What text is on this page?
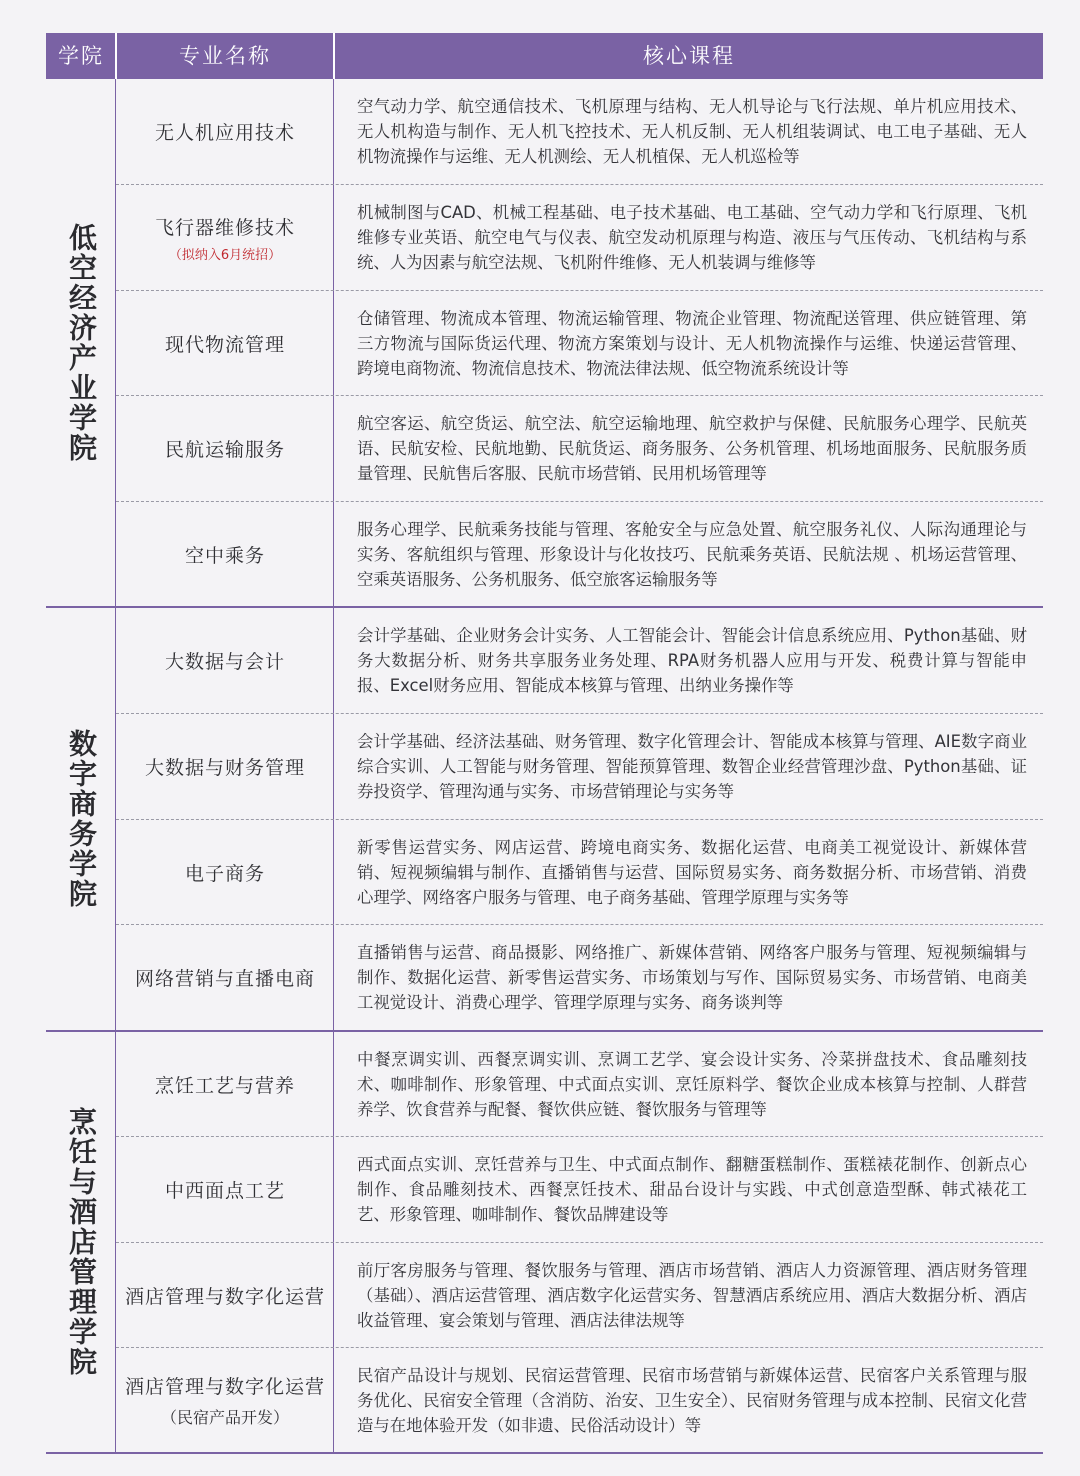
学院	专业名称	核心课程
低空经济产业学院
数字商务学院
烹饪与酒店管理学院
无人机应用技术
空气动力学、航空通信技术、飞机原理与结构、无人机导论与飞行法规、单片机应用技术、无人机构造与制作、无人机飞控技术、无人机反制、无人机组装调试、电工电子基础、无人机物流操作与运维、无人机测绘、无人机植保、无人机巡检等
飞行器维修技术
（拟纳入6月统招）
机械制图与CAD、机械工程基础、电子技术基础、电工基础、空气动力学和飞行原理、飞机维修专业英语、航空电气与仪表、航空发动机原理与构造、液压与气压传动、飞机结构与系统、人为因素与航空法规、飞机附件维修、无人机装调与维修等
现代物流管理
仓储管理、物流成本管理、物流运输管理、物流企业管理、物流配送管理、供应链管理、第三方物流与国际货运代理、物流方案策划与设计、无人机物流操作与运维、快递运营管理、跨境电商物流、物流信息技术、物流法律法规、低空物流系统设计等
民航运输服务
航空客运、航空货运、航空法、航空运输地理、航空救护与保健、民航服务心理学、民航英语、民航安检、民航地勤、民航货运、商务服务、公务机管理、机场地面服务、民航服务质量管理、民航售后客服、民航市场营销、民用机场管理等
空中乘务
服务心理学、民航乘务技能与管理、客舱安全与应急处置、航空服务礼仪、人际沟通理论与实务、客航组织与管理、形象设计与化妆技巧、民航乘务英语、民航法规 、机场运营管理、空乘英语服务、公务机服务、低空旅客运输服务等
大数据与会计
会计学基础、企业财务会计实务、人工智能会计、智能会计信息系统应用、Python基础、财务大数据分析、财务共享服务业务处理、RPA财务机器人应用与开发、税费计算与智能申报、Excel财务应用、智能成本核算与管理、出纳业务操作等
大数据与财务管理
会计学基础、经济法基础、财务管理、数字化管理会计、智能成本核算与管理、AIE数字商业综合实训、人工智能与财务管理、智能预算管理、数智企业经营管理沙盘、Python基础、证券投资学、管理沟通与实务、市场营销理论与实务等
电子商务
新零售运营实务、网店运营、跨境电商实务、数据化运营、电商美工视觉设计、新媒体营销、短视频编辑与制作、直播销售与运营、国际贸易实务、商务数据分析、市场营销、消费心理学、网络客户服务与管理、电子商务基础、管理学原理与实务等
网络营销与直播电商
直播销售与运营、商品摄影、网络推广、新媒体营销、网络客户服务与管理、短视频编辑与制作、数据化运营、新零售运营实务、市场策划与写作、国际贸易实务、市场营销、电商美工视觉设计、消费心理学、管理学原理与实务、商务谈判等
烹饪工艺与营养
中餐烹调实训、西餐烹调实训、烹调工艺学、宴会设计实务、冷菜拼盘技术、食品雕刻技术、咖啡制作、形象管理、中式面点实训、烹饪原料学、餐饮企业成本核算与控制、人群营养学、饮食营养与配餐、餐饮供应链、餐饮服务与管理等
中西面点工艺
西式面点实训、烹饪营养与卫生、中式面点制作、翻糖蛋糕制作、蛋糕裱花制作、创新点心制作、食品雕刻技术、西餐烹饪技术、甜品台设计与实践、中式创意造型酥、韩式裱花工艺、形象管理、咖啡制作、餐饮品牌建设等
酒店管理与数字化运营
前厅客房服务与管理、餐饮服务与管理、酒店市场营销、酒店人力资源管理、酒店财务管理（基础）、酒店运营管理、酒店数字化运营实务、智慧酒店系统应用、酒店大数据分析、酒店收益管理、宴会策划与管理、酒店法律法规等
酒店管理与数字化运营
（民宿产品开发）
民宿产品设计与规划、民宿运营管理、民宿市场营销与新媒体运营、民宿客户关系管理与服务优化、民宿安全管理（含消防、治安、卫生安全）、民宿财务管理与成本控制、民宿文化营造与在地体验开发（如非遗、民俗活动设计）等
